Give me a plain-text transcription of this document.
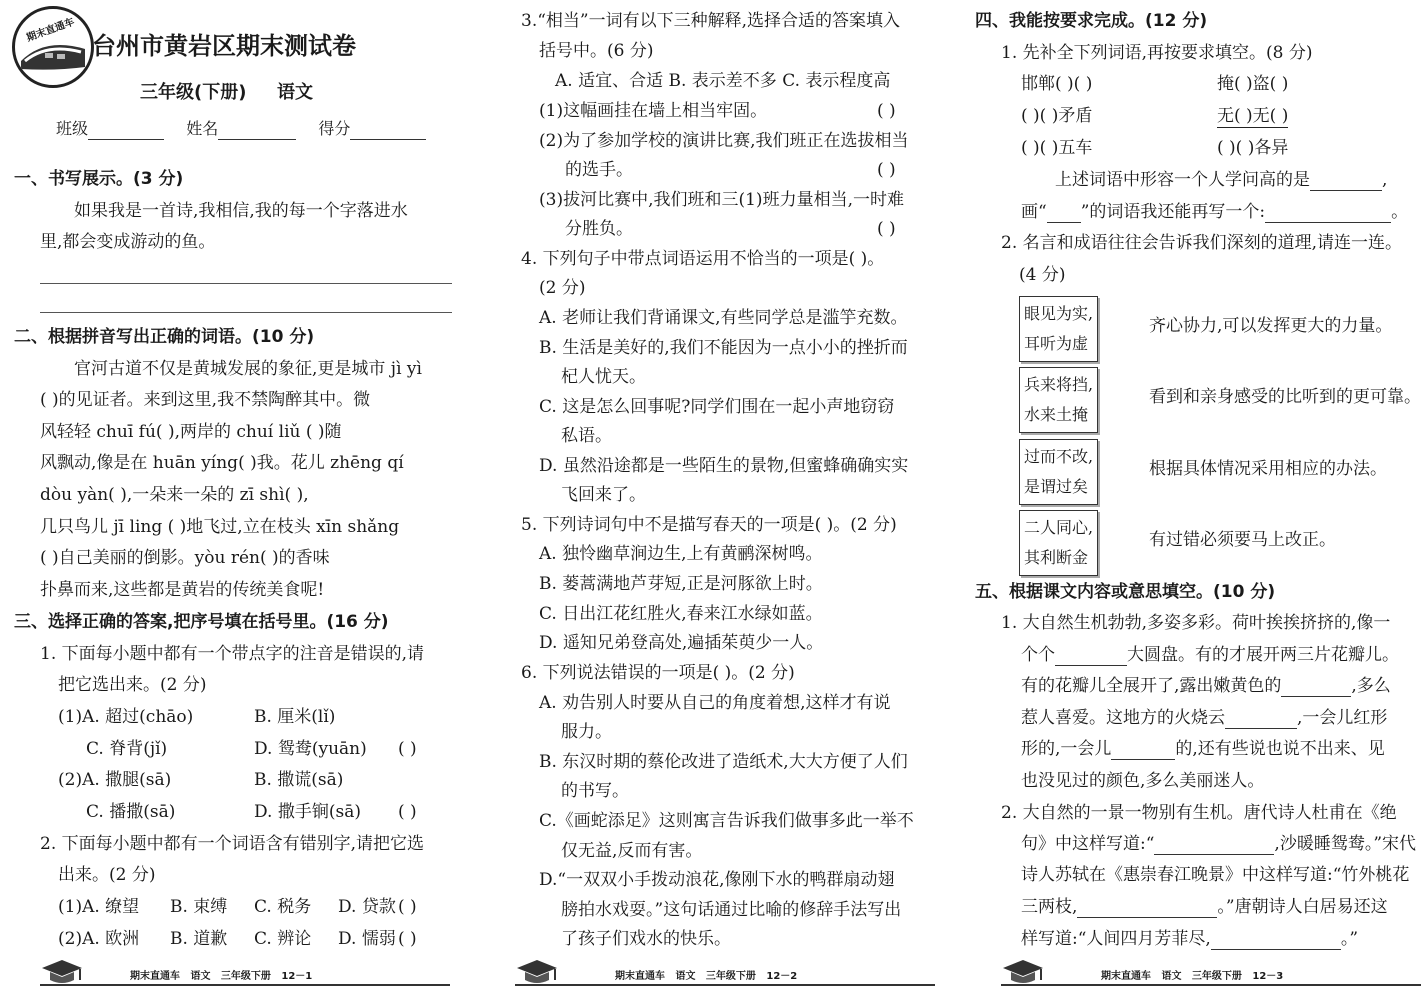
期末直通车
台州市黄岩区期末测试卷
三年级(下册) 语文
班级	姓名	得分
一、书写展示。(3 分)
如果我是一首诗,我相信,我的每一个字落进水
里,都会变成游动的鱼。
二、根据拼音写出正确的词语。(10 分)
官河古道不仅是黄城发展的象征,更是城市 jì yì
( )的见证者。来到这里,我不禁陶醉其中。微
风轻轻 chuī fú( ),两岸的 chuí liǔ ( )随
风飘动,像是在 huān yíng( )我。花儿 zhēng qí
dòu yàn( ),一朵来一朵的 zī shì( ),
几只鸟儿 jī ling ( )地飞过,立在枝头 xīn shǎng
( )自己美丽的倒影。yòu rén( )的香味
扑鼻而来,这些都是黄岩的传统美食呢!
三、选择正确的答案,把序号填在括号里。(16 分)
1. 下面每小题中都有一个带点字的注音是错误的,请
把它选出来。(2 分)
(1)A. 超过(chāo)	B. 厘米(lǐ)
C. 脊背(jǐ)	D. 鸳鸯(yuān) ( )
(2)A. 撒腿(sā)	B. 撒谎(sā)
C. 播撒(sā)	D. 撒手锏(sā) ( )
2. 下面每小题中都有一个词语含有错别字,请把它选
出来。(2 分)
(1)A. 缭望 B. 束缚 C. 税务 D. 贷款 ( )
(2)A. 欧洲 B. 道歉 C. 辨论 D. 懦弱 ( )
期末直通车 语文 三年级下册 12－1
3.“相当”一词有以下三种解释,选择合适的答案填入
括号中。(6 分)
A. 适宜、合适 B. 表示差不多 C. 表示程度高
(1)这幅画挂在墙上相当牢固。	( )
(2)为了参加学校的演讲比赛,我们班正在选拔相当
的选手。	( )
(3)拔河比赛中,我们班和三(1)班力量相当,一时难
分胜负。	( )
4. 下列句子中带点词语运用不恰当的一项是( )。
(2 分)
A. 老师让我们背诵课文,有些同学总是滥竽充数。
B. 生活是美好的,我们不能因为一点小小的挫折而
杞人忧天。
C. 这是怎么回事呢?同学们围在一起小声地窃窃
私语。
D. 虽然沿途都是一些陌生的景物,但蜜蜂确确实实
飞回来了。
5. 下列诗词句中不是描写春天的一项是( )。(2 分)
A. 独怜幽草涧边生,上有黄鹂深树鸣。
B. 蒌蒿满地芦芽短,正是河豚欲上时。
C. 日出江花红胜火,春来江水绿如蓝。
D. 遥知兄弟登高处,遍插茱萸少一人。
6. 下列说法错误的一项是( )。(2 分)
A. 劝告别人时要从自己的角度着想,这样才有说
服力。
B. 东汉时期的蔡伦改进了造纸术,大大方便了人们
的书写。
C.《画蛇添足》这则寓言告诉我们做事多此一举不
仅无益,反而有害。
D.“一双双小手拨动浪花,像刚下水的鸭群扇动翅
膀拍水戏耍。”这句话通过比喻的修辞手法写出
了孩子们戏水的快乐。
期末直通车 语文 三年级下册 12－2
四、我能按要求完成。(12 分)
1. 先补全下列词语,再按要求填空。(8 分)
邯郸( )( )	掩( )盗( )
( )( )矛盾	无( )无( )
( )( )五车	( )( )各异
上述词语中形容一个人学问高的是	,
画“ ”的词语我还能再写一个:	。
2. 名言和成语往往会告诉我们深刻的道理,请连一连。
(4 分)
眼见为实,
耳听为虚
齐心协力,可以发挥更大的力量。
兵来将挡,
水来土掩
看到和亲身感受的比听到的更可靠。
过而不改,
是谓过矣
根据具体情况采用相应的办法。
二人同心,
其利断金
有过错必须要马上改正。
五、根据课文内容或意思填空。(10 分)
1. 大自然生机勃勃,多姿多彩。荷叶挨挨挤挤的,像一
个个	大圆盘。有的才展开两三片花瓣儿。
有的花瓣儿全展开了,露出嫩黄色的	,多么
惹人喜爱。这地方的火烧云	,一会儿红形
形的,一会儿	的,还有些说也说不出来、见
也没见过的颜色,多么美丽迷人。
2. 大自然的一景一物别有生机。唐代诗人杜甫在《绝
句》中这样写道:“	,沙暖睡鸳鸯。”宋代
诗人苏轼在《惠崇春江晚景》中这样写道:“竹外桃花
三两枝,	。”唐朝诗人白居易还这
样写道:“人间四月芳菲尽,	。”
期末直通车 语文 三年级下册 12－3
